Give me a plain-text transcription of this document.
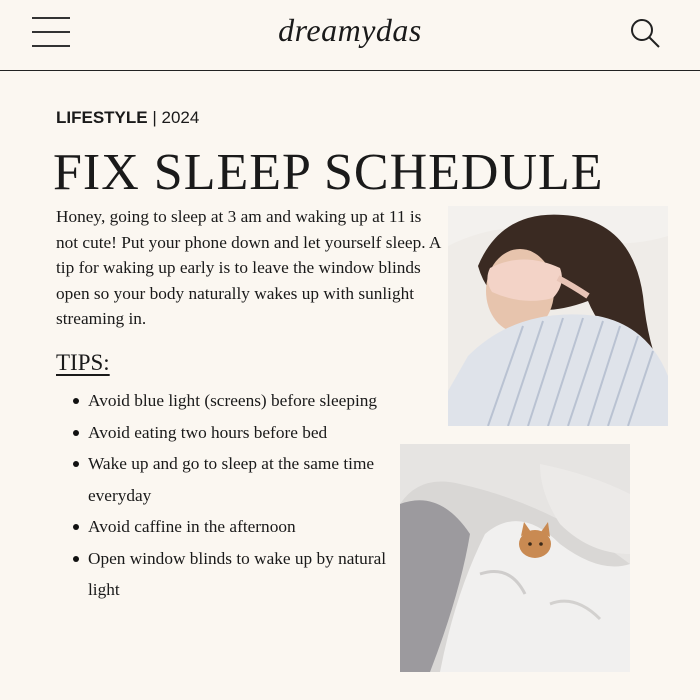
dreamydas
LIFESTYLE | 2024
FIX SLEEP SCHEDULE

Honey, going to sleep at 3 am and waking up at 11 is not cute! Put your phone down and let yourself sleep. A tip for waking up early is to leave the window blinds open so your body naturally wakes up with sunlight streaming in.

TIPS:
Avoid blue light (screens) before sleeping
Avoid eating two hours before bed
Wake up and go to sleep at the same time everyday
Avoid caffine in the afternoon
Open window blinds to wake up by natural light
